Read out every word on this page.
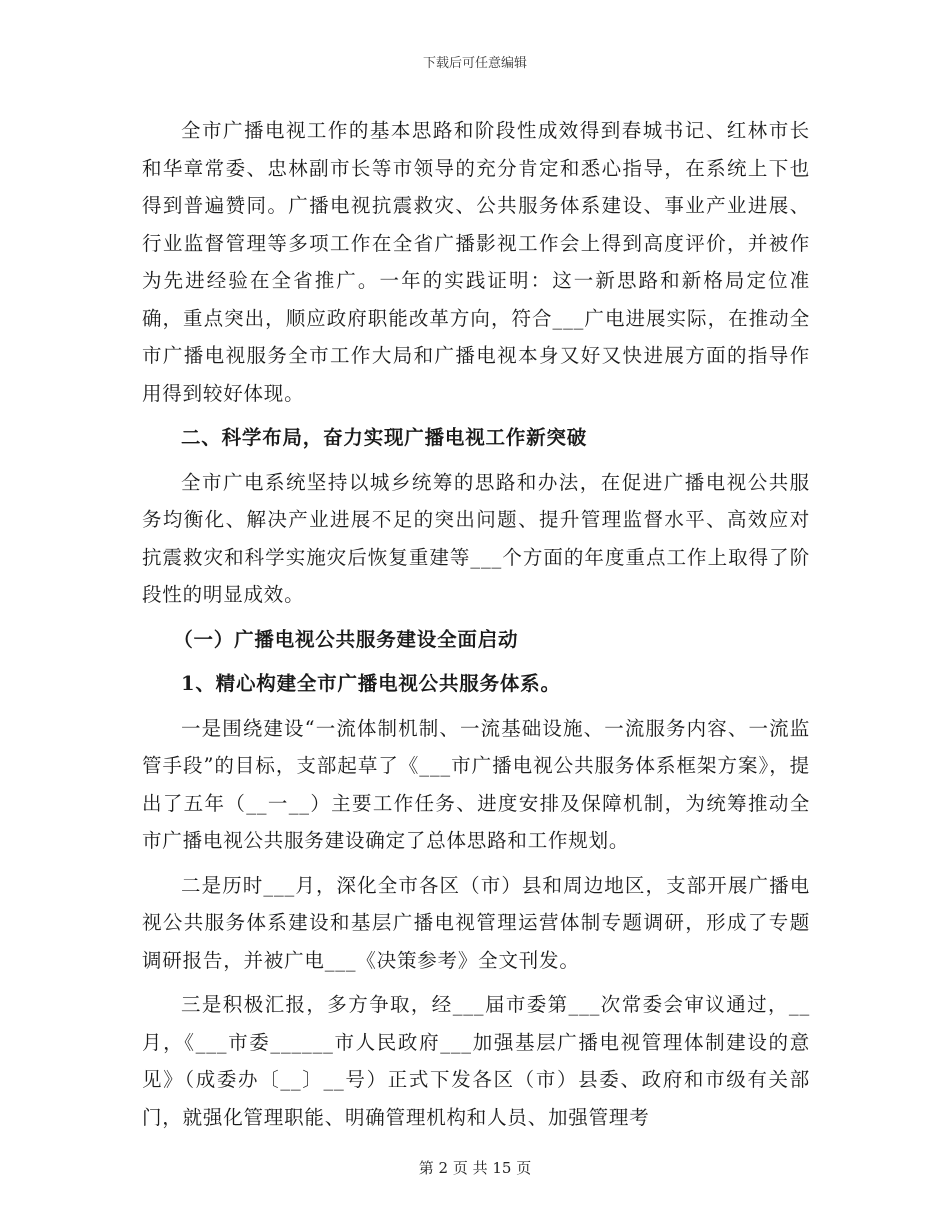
下载后可任意编辑

全市广播电视工作的基本思路和阶段性成效得到春城书记、红林市长和华章常委、忠林副市长等市领导的充分肯定和悉心指导，在系统上下也得到普遍赞同。广播电视抗震救灾、公共服务体系建设、事业产业进展、行业监督管理等多项工作在全省广播影视工作会上得到高度评价，并被作为先进经验在全省推广。一年的实践证明：这一新思路和新格局定位准确，重点突出，顺应政府职能改革方向，符合___广电进展实际，在推动全市广播电视服务全市工作大局和广播电视本身又好又快进展方面的指导作用得到较好体现。

二、科学布局，奋力实现广播电视工作新突破

全市广电系统坚持以城乡统筹的思路和办法，在促进广播电视公共服务均衡化、解决产业进展不足的突出问题、提升管理监督水平、高效应对抗震救灾和科学实施灾后恢复重建等___个方面的年度重点工作上取得了阶段性的明显成效。

（一）广播电视公共服务建设全面启动

1、精心构建全市广播电视公共服务体系。

一是围绕建设“一流体制机制、一流基础设施、一流服务内容、一流监管手段”的目标，支部起草了《___市广播电视公共服务体系框架方案》，提出了五年（__一__）主要工作任务、进度安排及保障机制，为统筹推动全市广播电视公共服务建设确定了总体思路和工作规划。

二是历时___月，深化全市各区（市）县和周边地区，支部开展广播电视公共服务体系建设和基层广播电视管理运营体制专题调研，形成了专题调研报告，并被广电___《决策参考》全文刊发。

三是积极汇报，多方争取，经___届市委第___次常委会审议通过，__月，《___市委______市人民政府___加强基层广播电视管理体制建设的意见》（成委办〔__〕__号）正式下发各区（市）县委、政府和市级有关部门，就强化管理职能、明确管理机构和人员、加强管理考

第 2 页 共 15 页
